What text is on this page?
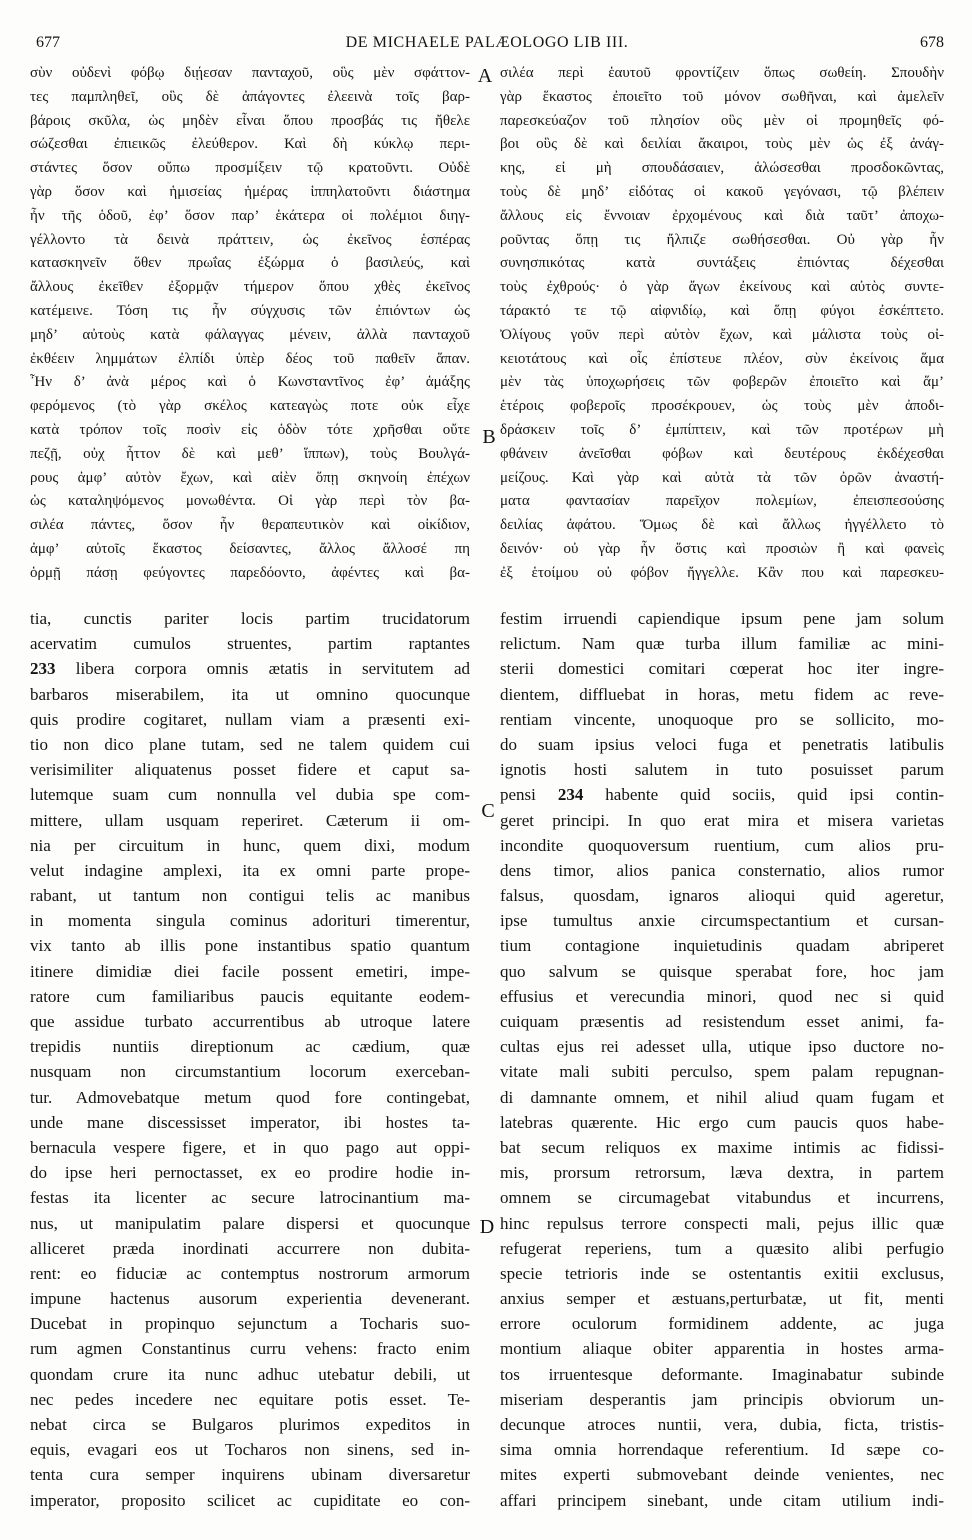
677	DE MICHAELE PALÆOLOGO LIB III.	678
σὺν οὐδενὶ φόβῳ διῄεσαν πανταχοῦ, οὓς μὲν σφάττον-
τες παμπληθεῖ, οὓς δὲ ἀπάγοντες ἐλεεινὰ τοῖς βαρ-
βάροις σκῦλα, ὡς μηδὲν εἶναι ὅπου προσβάς τις ἤθελε
σώζεσθαι ἐπιεικῶς ἐλεύθερον. Καὶ δὴ κύκλῳ περι-
στάντες ὅσον οὔπω προσμίξειν τῷ κρατοῦντι. Οὐδὲ
γὰρ ὅσον καὶ ἡμισείας ἡμέρας ἱππηλατοῦντι διάστημα
ἦν τῆς ὁδοῦ, ἐφ’ ὅσον παρ’ ἑκάτερα οἱ πολέμιοι διηγ-
γέλλοντο τὰ δεινὰ πράττειν, ὡς ἐκεῖνος ἑσπέρας
κατασκηνεῖν ὅθεν πρωΐας ἐξώρμα ὁ βασιλεύς, καὶ
ἄλλους ἐκεῖθεν ἐξορμᾷν τήμερον ὅπου χθὲς ἐκεῖνος
κατέμεινε. Τόση τις ἦν σύγχυσις τῶν ἐπιόντων ὡς
μηδ’ αὐτοὺς κατὰ φάλαγγας μένειν, ἀλλὰ πανταχοῦ
ἐκθέειν λημμάτων ἐλπίδι ὑπὲρ δέος τοῦ παθεῖν ἅπαν.
Ἦν δ’ ἀνὰ μέρος καὶ ὁ Κωνσταντῖνος ἐφ’ ἁμάξης
φερόμενος (τὸ γὰρ σκέλος κατεαγὼς ποτε οὐκ εἶχε
κατὰ τρόπον τοῖς ποσὶν εἰς ὁδὸν τότε χρῆσθαι οὔτε
πεζῇ, οὐχ ἧττον δὲ καὶ μεθ’ ἵππων), τοὺς Βουλγά-
ρους ἀμφ’ αὐτὸν ἔχων, καὶ αἰὲν ὅπῃ σκηνοίη ἐπέχων
ὡς καταληψόμενος μονωθέντα. Οἱ γὰρ περὶ τὸν βα-
σιλέα πάντες, ὅσον ἦν θεραπευτικὸν καὶ οἰκίδιον,
ἀμφ’ αὐτοῖς ἕκαστος δείσαντες, ἄλλος ἄλλοσέ πη
ὁρμῇ πάσῃ φεύγοντες παρεδόοντο, ἀφέντες καὶ βα-
σιλέα περὶ ἑαυτοῦ φροντίζειν ὅπως σωθείη. Σπουδὴν
γὰρ ἕκαστος ἐποιεῖτο τοῦ μόνον σωθῆναι, καὶ ἀμελεῖν
παρεσκεύαζον τοῦ πλησίον οὓς μὲν οἱ προμηθεῖς φό-
βοι οὓς δὲ καὶ δειλίαι ἄκαιροι, τοὺς μὲν ὡς ἐξ ἀνάγ-
κης, εἰ μὴ σπουδάσαιεν, ἁλώσεσθαι προσδοκῶντας,
τοὺς δὲ μηδ’ εἰδότας οἱ κακοῦ γεγόνασι, τῷ βλέπειν
ἄλλους εἰς ἔννοιαν ἐρχομένους καὶ διὰ ταῦτ’ ἀποχω-
ροῦντας ὅπῃ τις ἤλπιζε σωθήσεσθαι. Οὐ γὰρ ἦν
συνησπικότας κατὰ συντάξεις ἐπιόντας δέχεσθαι
τοὺς ἐχθρούς· ὁ γὰρ ἄγων ἐκείνους καὶ αὐτὸς συντε-
τάρακτό τε τῷ αἰφνιδίῳ, καὶ ὅπῃ φύγοι ἐσκέπτετο.
Ὀλίγους γοῦν περὶ αὐτὸν ἔχων, καὶ μάλιστα τοὺς οἰ-
κειοτάτους καὶ οἷς ἐπίστευε πλέον, σὺν ἐκείνοις ἅμα
μὲν τὰς ὑποχωρήσεις τῶν φοβερῶν ἐποιεῖτο καὶ ἅμ’
ἑτέροις φοβεροῖς προσέκρουεν, ὡς τοὺς μὲν ἀποδι-
δράσκειν τοῖς δ’ ἐμπίπτειν, καὶ τῶν προτέρων μὴ
φθάνειν ἀνεῖσθαι φόβων καὶ δευτέρους ἐκδέχεσθαι
μείζους. Καὶ γὰρ καὶ αὐτὰ τὰ τῶν ὀρῶν ἀναστή-
ματα φαντασίαν παρεῖχον πολεμίων, ἐπεισπεσούσης
δειλίας ἀφάτου. Ὅμως δὲ καὶ ἄλλως ἠγγέλλετο τὸ
δεινόν· οὐ γὰρ ἦν ὅστις καὶ προσιὼν ἢ καὶ φανεὶς
ἐξ ἑτοίμου οὐ φόβον ἤγγελλε. Κἂν που καὶ παρεσκευ-
A
B
tia, cunctis pariter locis partim trucidatorum
acervatim cumulos struentes, partim raptantes
233 libera corpora omnis ætatis in servitutem ad
barbaros miserabilem, ita ut omnino quocunque
quis prodire cogitaret, nullam viam a præsenti exi-
tio non dico plane tutam, sed ne talem quidem cui
verisimiliter aliquatenus posset fidere et caput sa-
lutemque suam cum nonnulla vel dubia spe com-
mittere, ullam usquam reperiret. Cæterum ii om-
nia per circuitum in hunc, quem dixi, modum
velut indagine amplexi, ita ex omni parte prope-
rabant, ut tantum non contigui telis ac manibus
in momenta singula cominus adorituri timerentur,
vix tanto ab illis pone instantibus spatio quantum
itinere dimidiæ diei facile possent emetiri, impe-
ratore cum familiaribus paucis equitante eodem-
que assidue turbato accurrentibus ab utroque latere
trepidis nuntiis direptionum ac cædium, quæ
nusquam non circumstantium locorum exerceban-
tur. Admovebatque metum quod fore contingebat,
unde mane discessisset imperator, ibi hostes ta-
bernacula vespere figere, et in quo pago aut oppi-
do ipse heri pernoctasset, ex eo prodire hodie in-
festas ita licenter ac secure latrocinantium ma-
nus, ut manipulatim palare dispersi et quocunque
alliceret præda inordinati accurrere non dubita-
rent: eo fiduciæ ac contemptus nostrorum armorum
impune hactenus ausorum experientia devenerant.
Ducebat in propinquo sejunctum a Tocharis suo-
rum agmen Constantinus curru vehens: fracto enim
quondam crure ita nunc adhuc utebatur debili, ut
nec pedes incedere nec equitare potis esset. Te-
nebat circa se Bulgaros plurimos expeditos in
equis, evagari eos ut Tocharos non sinens, sed in-
tenta cura semper inquirens ubinam diversaretur
imperator, proposito scilicet ac cupiditate eo con-
festim irruendi capiendique ipsum pene jam solum
relictum. Nam quæ turba illum familiæ ac mini-
sterii domestici comitari cœperat hoc iter ingre-
dientem, diffluebat in horas, metu fidem ac reve-
rentiam vincente, unoquoque pro se sollicito, mo-
do suam ipsius veloci fuga et penetratis latibulis
ignotis hosti salutem in tuto posuisset parum
pensi 234 habente quid sociis, quid ipsi contin-
geret principi. In quo erat mira et misera varietas
incondite quoquoversum ruentium, cum alios pru-
dens timor, alios panica consternatio, alios rumor
falsus, quosdam, ignaros alioqui quid ageretur,
ipse tumultus anxie circumspectantium et cursan-
tium contagione inquietudinis quadam abriperet
quo salvum se quisque sperabat fore, hoc jam
effusius et verecundia minori, quod nec si quid
cuiquam præsentis ad resistendum esset animi, fa-
cultas ejus rei adesset ulla, utique ipso ductore no-
vitate mali subiti perculso, spem palam repugnan-
di damnante omnem, et nihil aliud quam fugam et
latebras quærente. Hic ergo cum paucis quos habe-
bat secum reliquos ex maxime intimis ac fidissi-
mis, prorsum retrorsum, læva dextra, in partem
omnem se circumagebat vitabundus et incurrens,
hinc repulsus terrore conspecti mali, pejus illic quæ
refugerat reperiens, tum a quæsito alibi perfugio
specie tetrioris inde se ostentantis exitii exclusus,
anxius semper et æstuans,perturbatæ, ut fit, menti
errore oculorum formidinem addente, ac juga
montium aliaque obiter apparentia in hostes arma-
tos irruentesque deformante. Imaginabatur subinde
miseriam desperantis jam principis obviorum un-
decunque atroces nuntii, vera, dubia, ficta, tristis-
sima omnia horrendaque referentium. Id sæpe co-
mites experti submovebant deinde venientes, nec
affari principem sinebant, unde citam utilium indi-
C
D
